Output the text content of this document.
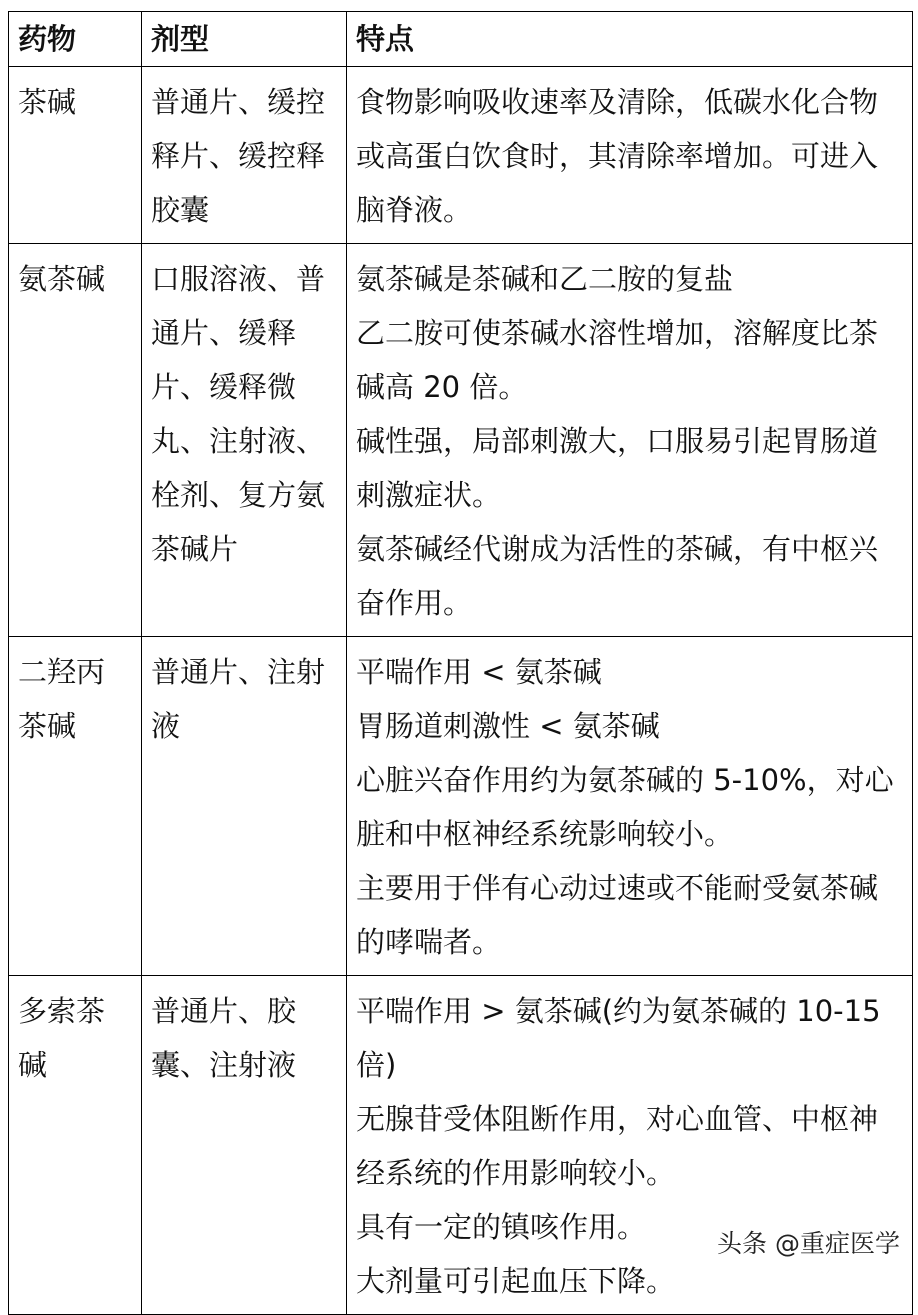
药物	剂型	特点
茶碱	普通片、缓控释片、缓控释胶囊	食物影响吸收速率及清除，低碳水化合物或高蛋白饮食时，其清除率增加。可进入脑脊液。

氨茶碱	口服溶液、普通片、缓释片、缓释微丸、注射液、栓剂、复方氨茶碱片	氨茶碱是茶碱和乙二胺的复盐
乙二胺可使茶碱水溶性增加，溶解度比茶碱高 20 倍。
碱性强，局部刺激大，口服易引起胃肠道刺激症状。
氨茶碱经代谢成为活性的茶碱，有中枢兴奋作用。

二羟丙茶碱	普通片、注射液	平喘作用 < 氨茶碱
胃肠道刺激性 < 氨茶碱
心脏兴奋作用约为氨茶碱的 5-10%，对心脏和中枢神经系统影响较小。
主要用于伴有心动过速或不能耐受氨茶碱的哮喘者。

多索茶碱	普通片、胶囊、注射液	平喘作用 > 氨茶碱(约为氨茶碱的 10-15 倍)
无腺苷受体阻断作用，对心血管、中枢神经系统的作用影响较小。
具有一定的镇咳作用。
大剂量可引起血压下降。
头条 @重症医学
